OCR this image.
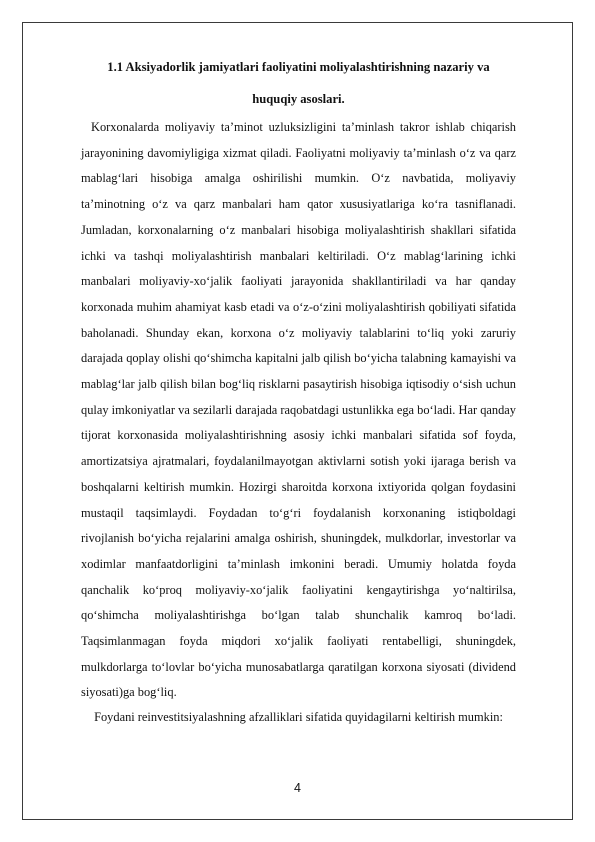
1.1 Aksiyadorlik jamiyatlari faoliyatini moliyalashtirishning nazariy va
huquqiy asoslari.

Korxonalarda moliyaviy ta’minot uzluksizligini ta’minlash takror ishlab chiqarish jarayonining davomiyligiga xizmat qiladi. Faoliyatni moliyaviy ta’minlash o‘z va qarz mablag‘lari hisobiga amalga oshirilishi mumkin. O‘z navbatida, moliyaviy ta’minotning o‘z va qarz manbalari ham qator xususiyatlariga ko‘ra tasniflanadi. Jumladan, korxonalarning o‘z manbalari hisobiga moliyalashtirish shakllari sifatida ichki va tashqi moliyalashtirish manbalari keltiriladi. O‘z mablag‘larining ichki manbalari moliyaviy-xo‘jalik faoliyati jarayonida shakllantiriladi va har qanday korxonada muhim ahamiyat kasb etadi va o‘z-o‘zini moliyalashtirish qobiliyati sifatida baholanadi. Shunday ekan, korxona o‘z moliyaviy talablarini to‘liq yoki zaruriy darajada qoplay olishi qo‘shimcha kapitalni jalb qilish bo‘yicha talabning kamayishi va mablag‘lar jalb qilish bilan bog‘liq risklarni pasaytirish hisobiga iqtisodiy o‘sish uchun qulay imkoniyatlar va sezilarli darajada raqobatdagi ustunlikka ega bo‘ladi. Har qanday tijorat korxonasida moliyalashtirishning asosiy ichki manbalari sifatida sof foyda, amortizatsiya ajratmalari, foydalanilmayotgan aktivlarni sotish yoki ijaraga berish va boshqalarni keltirish mumkin. Hozirgi sharoitda korxona ixtiyorida qolgan foydasini mustaqil taqsimlaydi. Foydadan to‘g‘ri foydalanish korxonaning istiqboldagi rivojlanish bo‘yicha rejalarini amalga oshirish, shuningdek, mulkdorlar, investorlar va xodimlar manfaatdorligini ta’minlash imkonini beradi. Umumiy holatda foyda qanchalik ko‘proq moliyaviy-xo‘jalik faoliyatini kengaytirishga yo‘naltirilsa, qo‘shimcha moliyalashtirishga bo‘lgan talab shunchalik kamroq bo‘ladi. Taqsimlanmagan foyda miqdori xo‘jalik faoliyati rentabelligi, shuningdek, mulkdorlarga to‘lovlar bo‘yicha munosabatlarga qaratilgan korxona siyosati (dividend siyosati)ga bog‘liq.

Foydani reinvestitsiyalashning afzalliklari sifatida quyidagilarni keltirish mumkin:

4
